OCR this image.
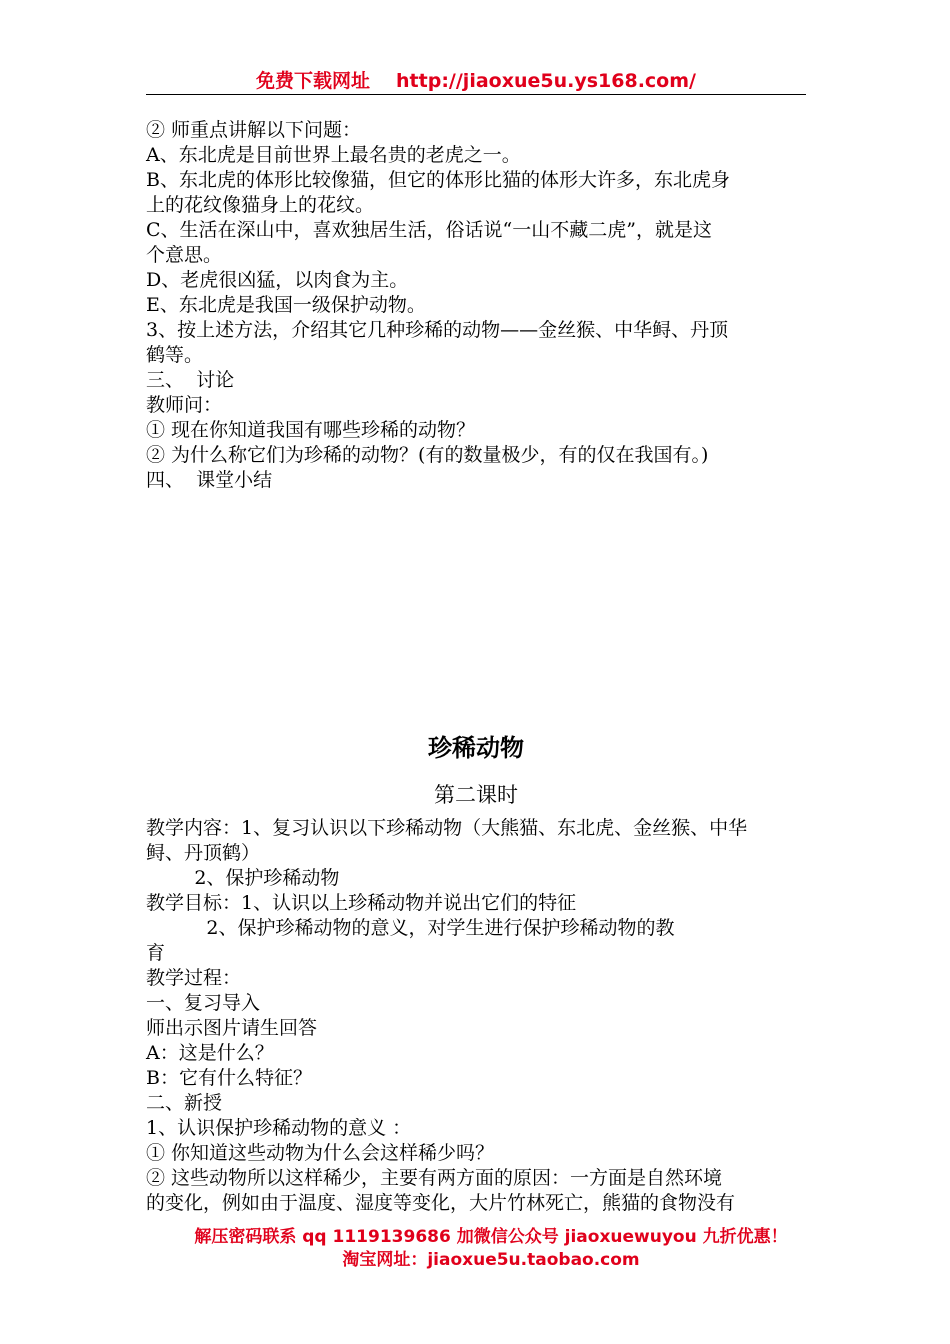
免费下载网址 http://jiaoxue5u.ys168.com/

② 师重点讲解以下问题：

A、东北虎是目前世界上最名贵的老虎之一。

B、东北虎的体形比较像猫，但它的体形比猫的体形大许多，东北虎身

上的花纹像猫身上的花纹。

C、生活在深山中，喜欢独居生活，俗话说“一山不藏二虎”，就是这

个意思。

D、老虎很凶猛，以肉食为主。

E、东北虎是我国一级保护动物。

3、按上述方法，介绍其它几种珍稀的动物——金丝猴、中华鲟、丹顶

鹤等。

三、  讨论

教师问：

① 现在你知道我国有哪些珍稀的动物？

② 为什么称它们为珍稀的动物？(有的数量极少，有的仅在我国有。)

四、  课堂小结

珍稀动物
第二课时

教学内容：1、复习认识以下珍稀动物（大熊猫、东北虎、金丝猴、中华

鲟、丹顶鹤）

2、保护珍稀动物

教学目标：1、认识以上珍稀动物并说出它们的特征

2、保护珍稀动物的意义，对学生进行保护珍稀动物的教

育

教学过程：

一、复习导入

师出示图片请生回答

A：这是什么？

B：它有什么特征？

二、新授

1、认识保护珍稀动物的意义 ：

① 你知道这些动物为什么会这样稀少吗？

② 这些动物所以这样稀少，主要有两方面的原因：一方面是自然环境

的变化，例如由于温度、湿度等变化，大片竹林死亡，熊猫的食物没有

解压密码联系 qq 1119139686 加微信公众号 jiaoxuewuyou 九折优惠！
淘宝网址：jiaoxue5u.taobao.com
